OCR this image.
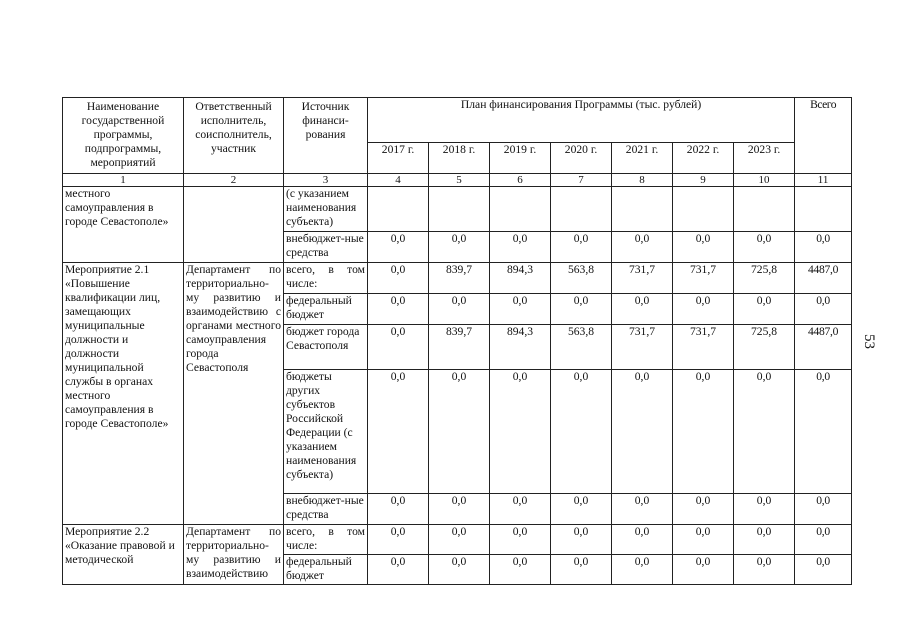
Наименование государственной программы, подпрограммы, мероприятий	Ответственный исполнитель, соисполнитель, участник	Источник финанси-рования	План финансирования Программы (тыс. рублей)							Всего
			2017 г.	2018 г.	2019 г.	2020 г.	2021 г.	2022 г.	2023 г.	
1	2	3	4	5	6	7	8	9	10	11
местного самоуправления в городе Севастополе»		(с указанием наименования субъекта)								
		внебюджет-ные средства	0,0	0,0	0,0	0,0	0,0	0,0	0,0	0,0
Мероприятие 2.1 «Повышение квалификации лиц, замещающих муниципальные должности и должности муниципальной службы в органах местного самоуправления в городе Севастополе»	Департамент по территориально-му развитию и взаимодействию с органами местного самоуправления города Севастополя	всего, в том числе:	0,0	839,7	894,3	563,8	731,7	731,7	725,8	4487,0
		федеральный бюджет	0,0	0,0	0,0	0,0	0,0	0,0	0,0	0,0
		бюджет города Севастополя	0,0	839,7	894,3	563,8	731,7	731,7	725,8	4487,0
		бюджеты других субъектов Российской Федерации (с указанием наименования субъекта)	0,0	0,0	0,0	0,0	0,0	0,0	0,0	0,0
		внебюджет-ные средства	0,0	0,0	0,0	0,0	0,0	0,0	0,0	0,0
Мероприятие 2.2 «Оказание правовой и методической	Департамент по территориально-му развитию и взаимодействию	всего, в том числе:	0,0	0,0	0,0	0,0	0,0	0,0	0,0	0,0
		федеральный бюджет	0,0	0,0	0,0	0,0	0,0	0,0	0,0	0,0
53
